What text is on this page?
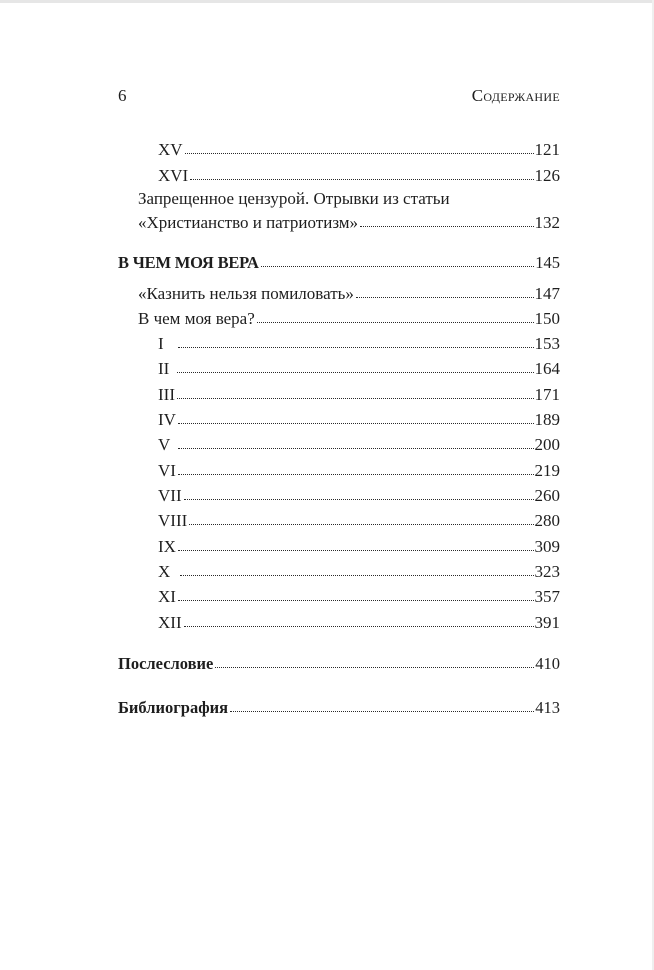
6	Содержание
XV	121
XVI	126
Запрещенное цензурой. Отрывки из статьи
«Христианство и патриотизм»	132
В ЧЕМ МОЯ ВЕРА	145
«Казнить нельзя помиловать»	147
В чем моя вера?	150
I	153
II	164
III	171
IV	189
V	200
VI	219
VII	260
VIII	280
IX	309
X	323
XI	357
XII	391
Послесловие	410
Библиография	413
